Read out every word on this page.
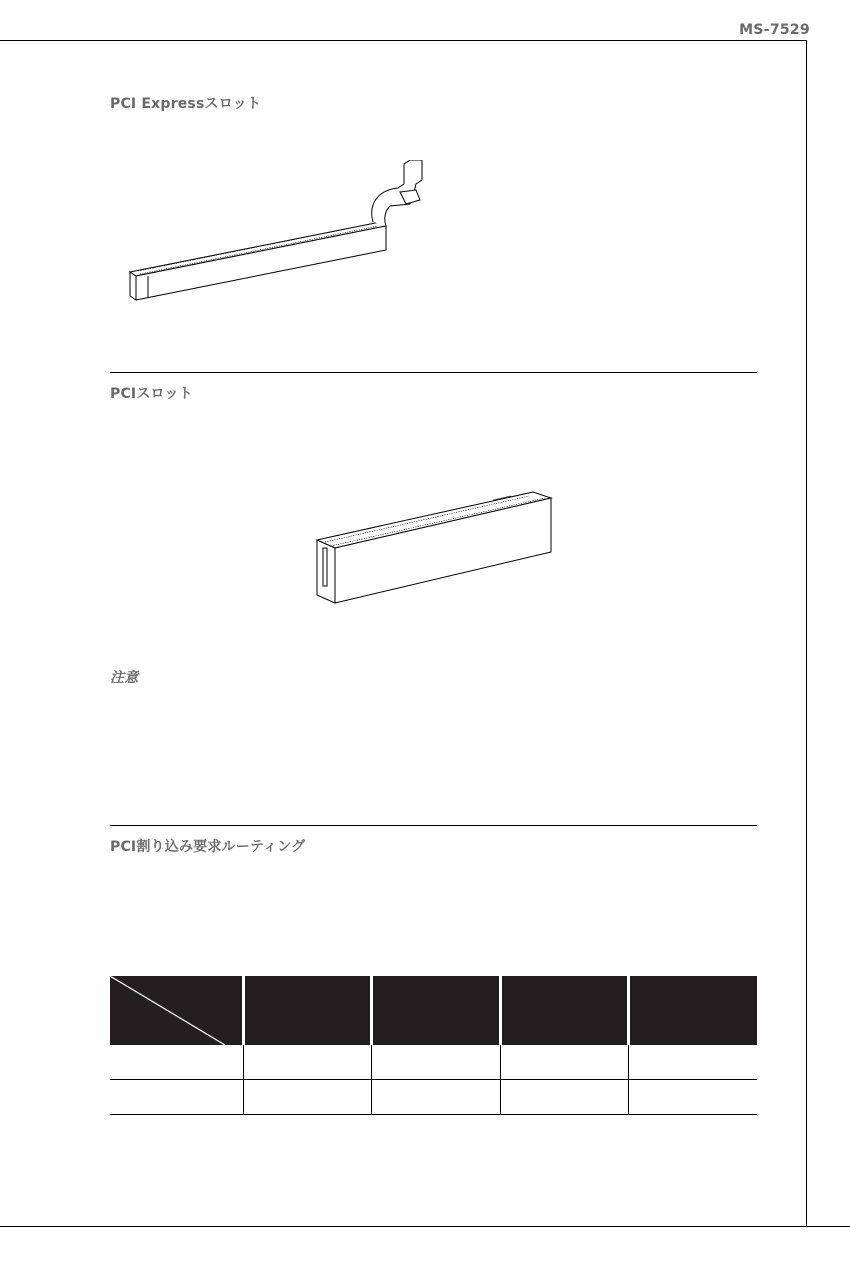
MS-7529
PCI Expressスロット
PCIスロット
注意
PCI割り込み要求ルーティング
